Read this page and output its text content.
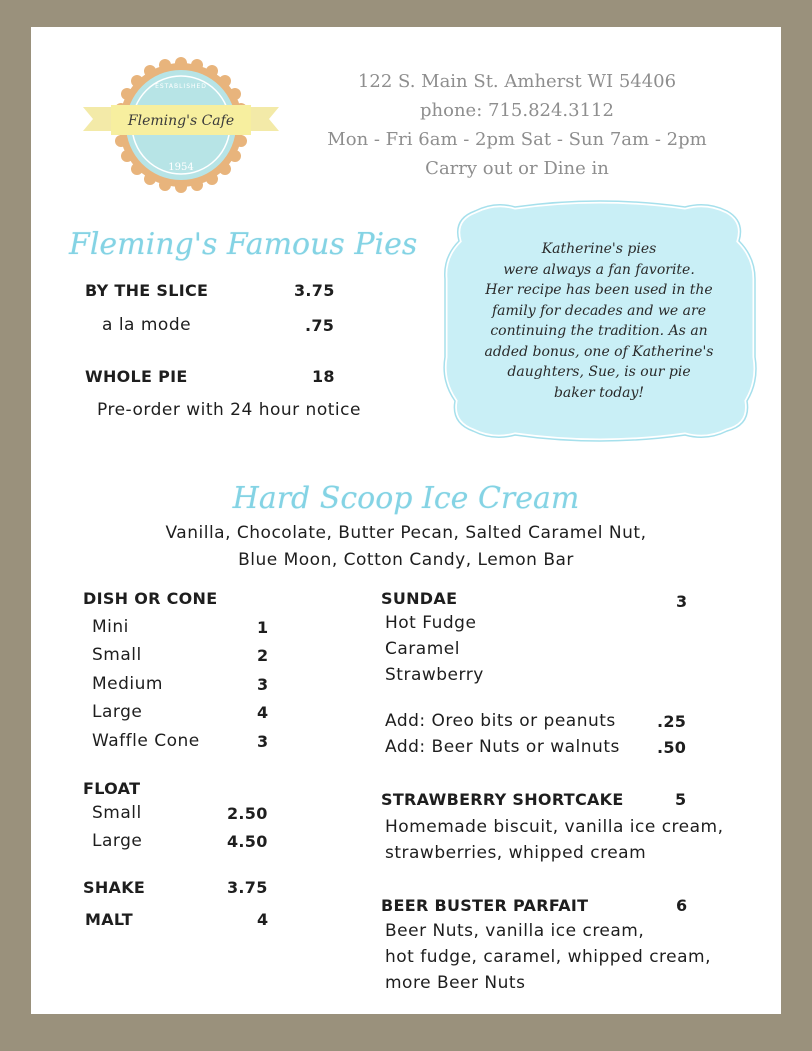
Fleming's Cafe
ESTABLISHED
1954
122 S. Main St. Amherst WI 54406
phone: 715.824.3112
Mon - Fri 6am - 2pm Sat - Sun 7am - 2pm
Carry out or Dine in
Fleming's Famous Pies
BY THE SLICE	3.75
a la mode	.75
WHOLE PIE	18
Pre-order with 24 hour notice
Katherine's pies
were always a fan favorite.
Her recipe has been used in the
family for decades and we are
continuing the tradition. As an
added bonus, one of Katherine's
daughters, Sue, is our pie
baker today!
Hard Scoop Ice Cream
Vanilla, Chocolate, Butter Pecan, Salted Caramel Nut,
Blue Moon, Cotton Candy, Lemon Bar
DISH OR CONE
Mini	1
Small	2
Medium	3
Large	4
Waffle Cone	3
FLOAT
Small	2.50
Large	4.50
SHAKE	3.75
MALT	4
SUNDAE	3
Hot Fudge
Caramel
Strawberry
Add: Oreo bits or peanuts	.25
Add: Beer Nuts or walnuts .50
STRAWBERRY SHORTCAKE	5
Homemade biscuit, vanilla ice cream,
strawberries, whipped cream
BEER BUSTER PARFAIT	6
Beer Nuts, vanilla ice cream,
hot fudge, caramel, whipped cream,
more Beer Nuts
